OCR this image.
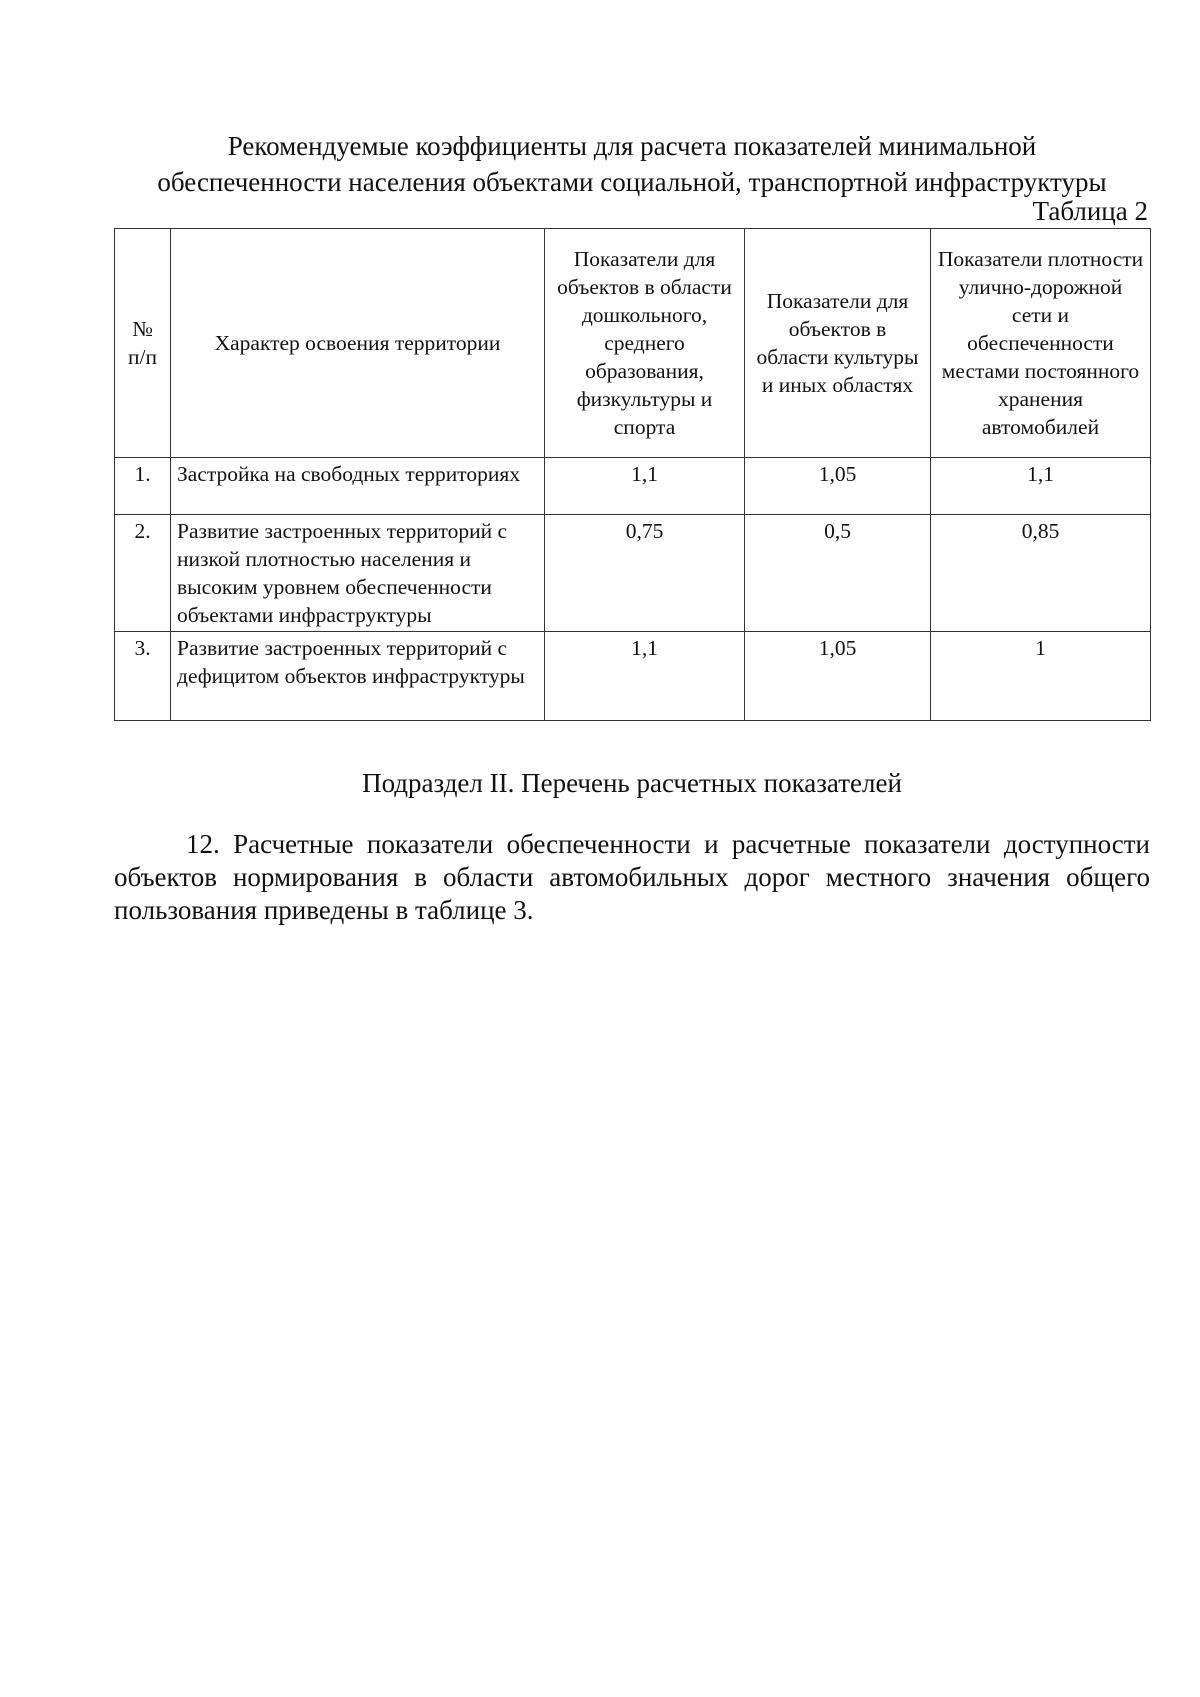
Рекомендуемые коэффициенты для расчета показателей минимальной
обеспеченности населения объектами социальной, транспортной инфраструктуры
Таблица 2
№ п/п	Характер освоения территории	Показатели для объектов в области дошкольного, среднего образования, физкультуры и спорта	Показатели для объектов в области культуры и иных областях	Показатели плотности улично-дорожной сети и обеспеченности местами постоянного хранения автомобилей
1.	Застройка на свободных территориях	1,1	1,05	1,1
2.	Развитие застроенных территорий с низкой плотностью населения и высоким уровнем обеспеченности объектами инфраструктуры	0,75	0,5	0,85
3.	Развитие застроенных территорий с дефицитом объектов инфраструктуры	1,1	1,05	1
Подраздел II. Перечень расчетных показателей
12. Расчетные показатели обеспеченности и расчетные показатели доступности объектов нормирования в области автомобильных дорог местного значения общего пользования приведены в таблице 3.
